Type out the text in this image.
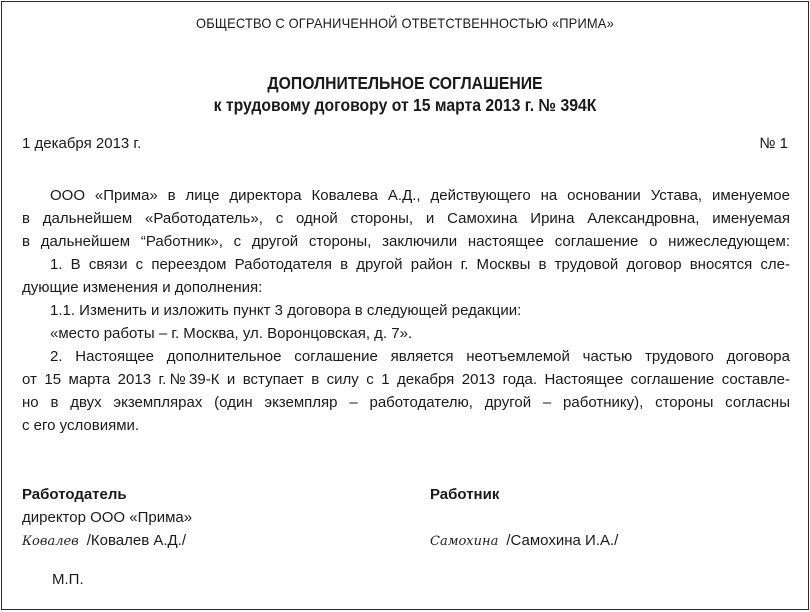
ОБЩЕСТВО С ОГРАНИЧЕННОЙ ОТВЕТСТВЕННОСТЬЮ «ПРИМА»
ДОПОЛНИТЕЛЬНОЕ СОГЛАШЕНИЕ
к трудовому договору от 15 марта 2013 г. № 394К
1 декабря 2013 г.	№ 1
ООО «Прима» в лице директора Ковалева А.Д., действующего на основании Устава, именуемое
в дальнейшем «Работодатель», с одной стороны, и Самохина Ирина Александровна, именуемая
в дальнейшем “Работник», с другой стороны, заключили настоящее соглашение о нижеследующем:
1. В связи с переездом Работодателя в другой район г. Москвы в трудовой договор вносятся сле-
дующие изменения и дополнения:
1.1. Изменить и изложить пункт 3 договора в следующей редакции:
«место работы – г. Москва, ул. Воронцовская, д. 7».
2. Настоящее дополнительное соглашение является неотъемлемой частью трудового договора
от 15 марта 2013 г.№39-К и вступает в силу с 1 декабря 2013 года. Настоящее соглашение составле-
но в двух экземплярах (один экземпляр – работодателю, другой – работнику), стороны согласны
с его условиями.
Работодатель
директор ООО «Прима»
Ковалев /Ковалев А.Д./
Работник

Самохина /Самохина И.А./
М.П.
